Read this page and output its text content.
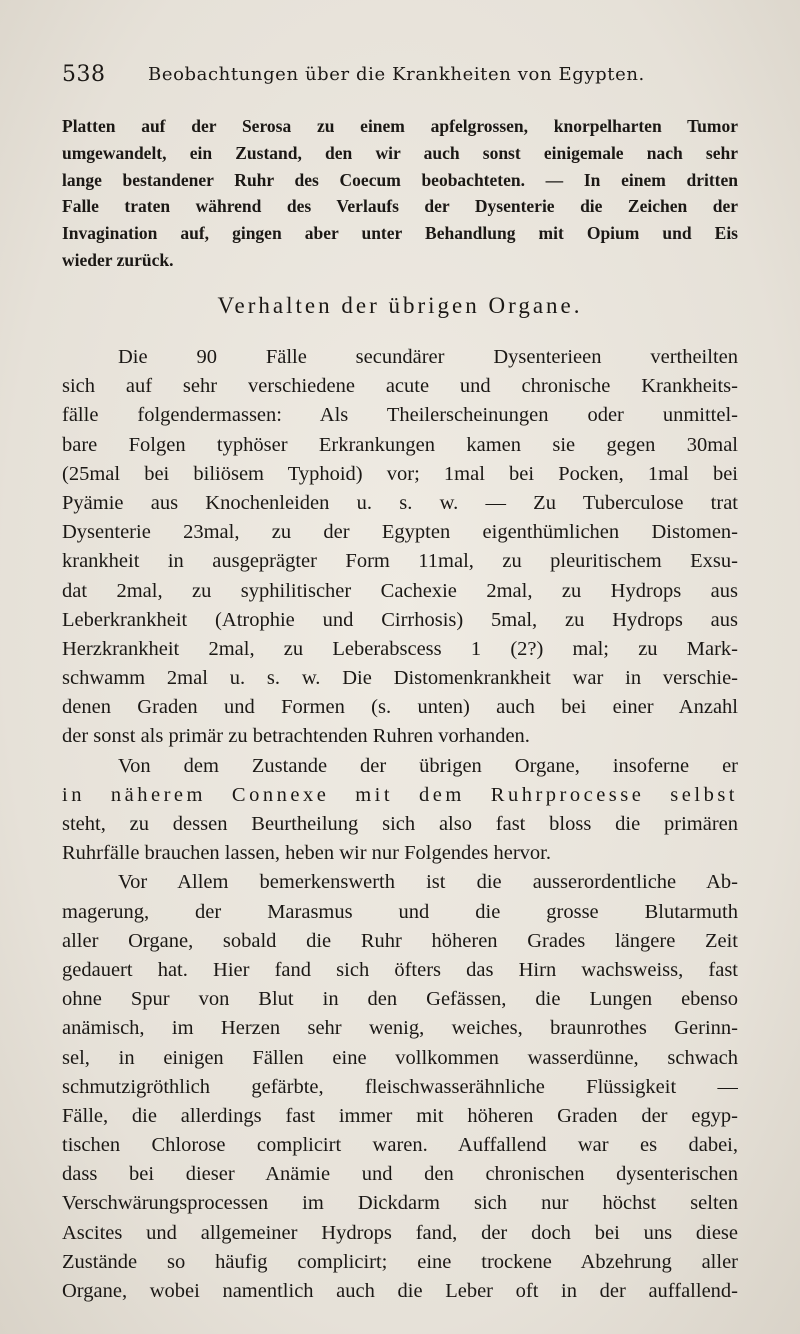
538 Beobachtungen über die Krankheiten von Egypten.
Platten auf der Serosa zu einem apfelgrossen, knorpelharten Tumor
umgewandelt, ein Zustand, den wir auch sonst einigemale nach sehr
lange bestandener Ruhr des Coecum beobachteten. — In einem dritten
Falle traten während des Verlaufs der Dysenterie die Zeichen der
Invagination auf, gingen aber unter Behandlung mit Opium und Eis
wieder zurück.
Verhalten der übrigen Organe.
Die 90 Fälle secundärer Dysenterieen vertheilten
sich auf sehr verschiedene acute und chronische Krankheits-
fälle folgendermassen: Als Theilerscheinungen oder unmittel-
bare Folgen typhöser Erkrankungen kamen sie gegen 30mal
(25mal bei biliösem Typhoid) vor; 1mal bei Pocken, 1mal bei
Pyämie aus Knochenleiden u. s. w. — Zu Tuberculose trat
Dysenterie 23mal, zu der Egypten eigenthümlichen Distomen-
krankheit in ausgeprägter Form 11mal, zu pleuritischem Exsu-
dat 2mal, zu syphilitischer Cachexie 2mal, zu Hydrops aus
Leberkrankheit (Atrophie und Cirrhosis) 5mal, zu Hydrops aus
Herzkrankheit 2mal, zu Leberabscess 1 (2?) mal; zu Mark-
schwamm 2mal u. s. w. Die Distomenkrankheit war in verschie-
denen Graden und Formen (s. unten) auch bei einer Anzahl
der sonst als primär zu betrachtenden Ruhren vorhanden.
Von dem Zustande der übrigen Organe, insoferne er
in näherem Connexe mit dem Ruhrprocesse selbst
steht, zu dessen Beurtheilung sich also fast bloss die primären
Ruhrfälle brauchen lassen, heben wir nur Folgendes hervor.
Vor Allem bemerkenswerth ist die ausserordentliche Ab-
magerung, der Marasmus und die grosse Blutarmuth
aller Organe, sobald die Ruhr höheren Grades längere Zeit
gedauert hat. Hier fand sich öfters das Hirn wachsweiss, fast
ohne Spur von Blut in den Gefässen, die Lungen ebenso
anämisch, im Herzen sehr wenig, weiches, braunrothes Gerinn-
sel, in einigen Fällen eine vollkommen wasserdünne, schwach
schmutzigröthlich gefärbte, fleischwasserähnliche Flüssigkeit —
Fälle, die allerdings fast immer mit höheren Graden der egyp-
tischen Chlorose complicirt waren. Auffallend war es dabei,
dass bei dieser Anämie und den chronischen dysenterischen
Verschwärungsprocessen im Dickdarm sich nur höchst selten
Ascites und allgemeiner Hydrops fand, der doch bei uns diese
Zustände so häufig complicirt; eine trockene Abzehrung aller
Organe, wobei namentlich auch die Leber oft in der auffallend-
